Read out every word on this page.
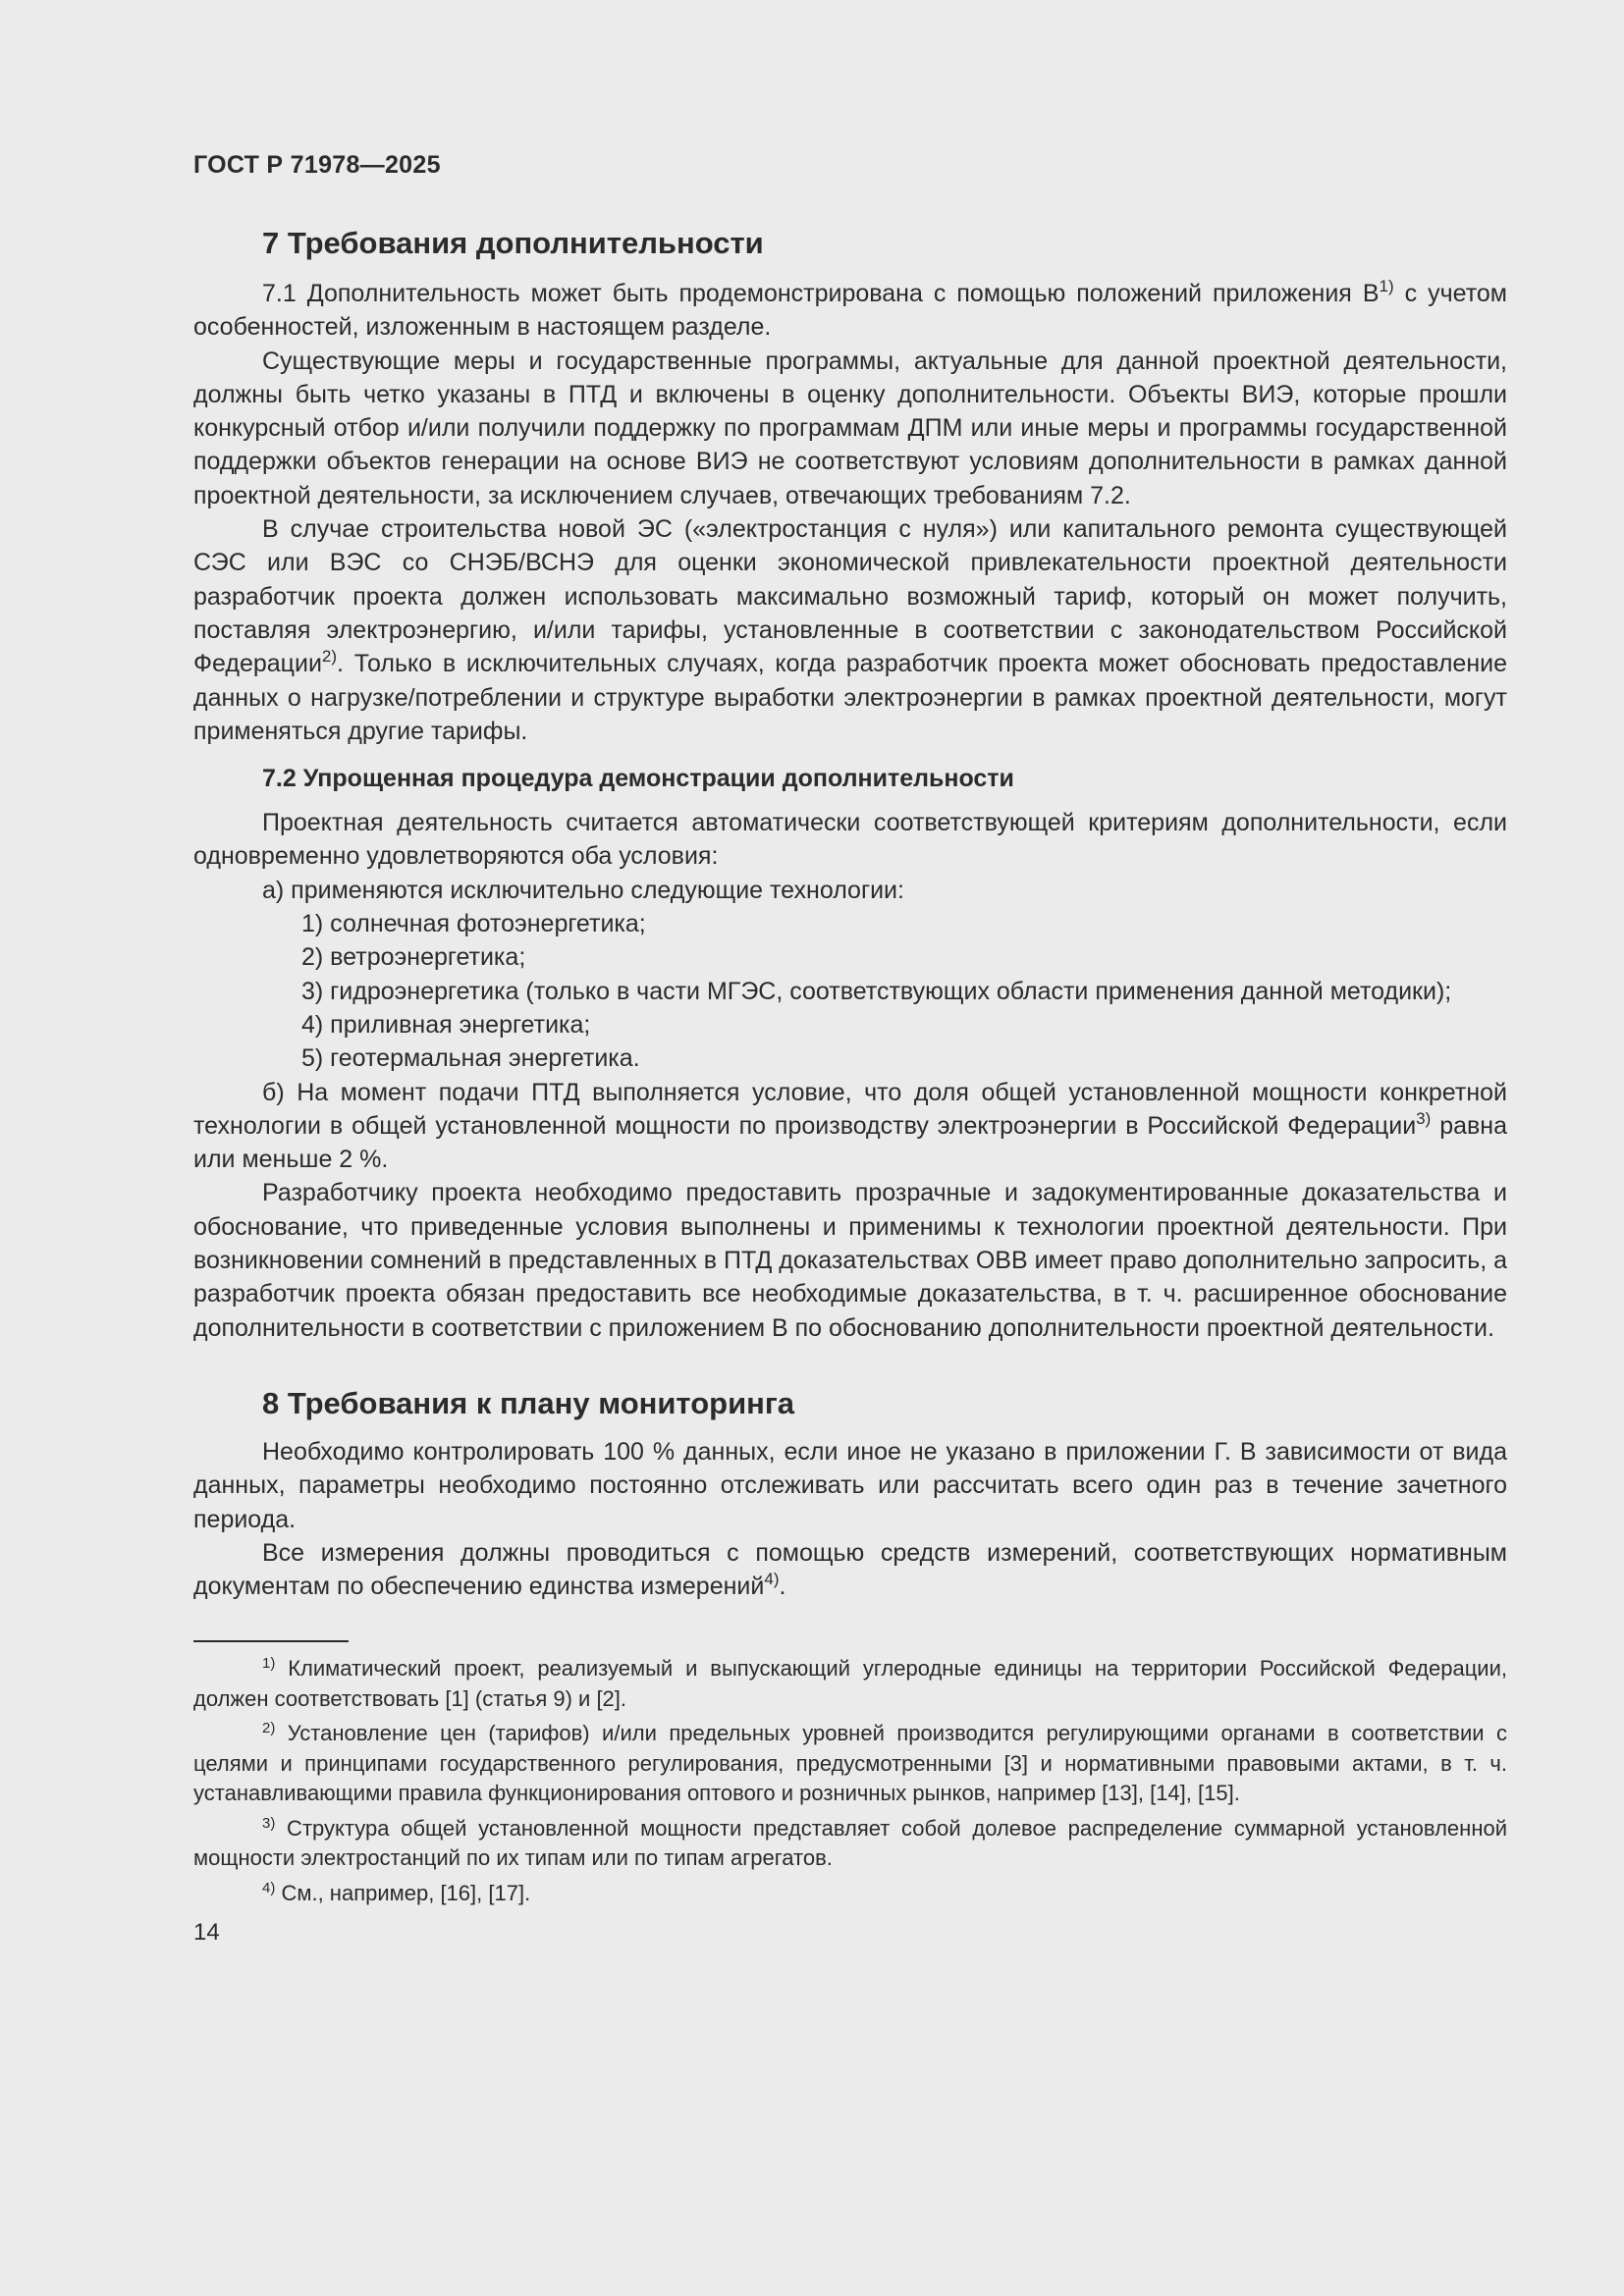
ГОСТ Р 71978—2025

7 Требования дополнительности

7.1 Дополнительность может быть продемонстрирована с помощью положений приложения $В^{1)}$ с учетом особенностей, изложенным в настоящем разделе.

Существующие меры и государственные программы, актуальные для данной проектной деятельности, должны быть четко указаны в ПТД и включены в оценку дополнительности. Объекты ВИЭ, которые прошли конкурсный отбор и/или получили поддержку по программам ДПМ или иные меры и программы государственной поддержки объектов генерации на основе ВИЭ не соответствуют условиям дополнительности в рамках данной проектной деятельности, за исключением случаев, отвечающих требованиям 7.2.

В случае строительства новой ЭС («электростанция с нуля») или капитального ремонта существующей СЭС или ВЭС со СНЭБ/ВСНЭ для оценки экономической привлекательности проектной деятельности разработчик проекта должен использовать максимально возможный тариф, который он может получить, поставляя электроэнергию, и/или тарифы, установленные в соответствии с законодательством Российской Федерации$^{2)}$. Только в исключительных случаях, когда разработчик проекта может обосновать предоставление данных о нагрузке/потреблении и структуре выработки электроэнергии в рамках проектной деятельности, могут применяться другие тарифы.

7.2 Упрощенная процедура демонстрации дополнительности

Проектная деятельность считается автоматически соответствующей критериям дополнительности, если одновременно удовлетворяются оба условия:

а) применяются исключительно следующие технологии:

1) солнечная фотоэнергетика;

2) ветроэнергетика;

3) гидроэнергетика (только в части МГЭС, соответствующих области применения данной методики);

4) приливная энергетика;

5) геотермальная энергетика.

б) На момент подачи ПТД выполняется условие, что доля общей установленной мощности конкретной технологии в общей установленной мощности по производству электроэнергии в Российской Федерации$^{3)}$ равна или меньше 2 %.

Разработчику проекта необходимо предоставить прозрачные и задокументированные доказательства и обоснование, что приведенные условия выполнены и применимы к технологии проектной деятельности. При возникновении сомнений в представленных в ПТД доказательствах ОВВ имеет право дополнительно запросить, а разработчик проекта обязан предоставить все необходимые доказательства, в т. ч. расширенное обоснование дополнительности в соответствии с приложением В по обоснованию дополнительности проектной деятельности.

8 Требования к плану мониторинга

Необходимо контролировать 100 % данных, если иное не указано в приложении Г. В зависимости от вида данных, параметры необходимо постоянно отслеживать или рассчитать всего один раз в течение зачетного периода.

Все измерения должны проводиться с помощью средств измерений, соответствующих нормативным документам по обеспечению единства измерений$^{4)}$.

$^{1)}$ Климатический проект, реализуемый и выпускающий углеродные единицы на территории Российской Федерации, должен соответствовать [1] (статья 9) и [2].

$^{2)}$ Установление цен (тарифов) и/или предельных уровней производится регулирующими органами в соответствии с целями и принципами государственного регулирования, предусмотренными [3] и нормативными правовыми актами, в т. ч. устанавливающими правила функционирования оптового и розничных рынков, например [13], [14], [15].

$^{3)}$ Структура общей установленной мощности представляет собой долевое распределение суммарной установленной мощности электростанций по их типам или по типам агрегатов.

$^{4)}$ См., например, [16], [17].

14
